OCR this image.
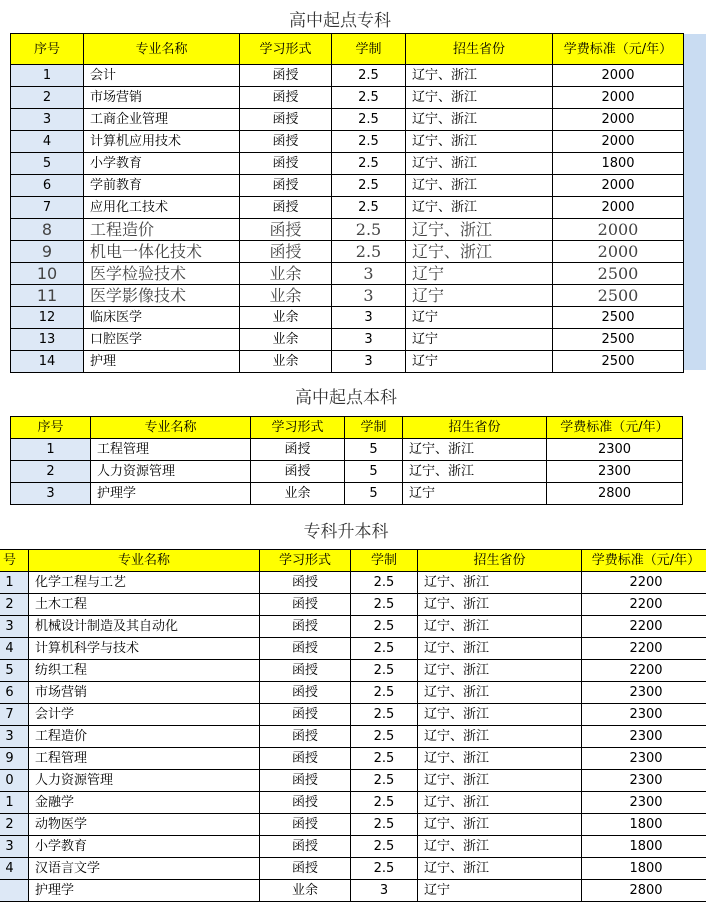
高中起点专科
序号	专业名称	学习形式	学制	招生省份	学费标准（元/年）
1	会计	函授	2.5	辽宁、浙江	2000
2	市场营销	函授	2.5	辽宁、浙江	2000
3	工商企业管理	函授	2.5	辽宁、浙江	2000
4	计算机应用技术	函授	2.5	辽宁、浙江	2000
5	小学教育	函授	2.5	辽宁、浙江	1800
6	学前教育	函授	2.5	辽宁、浙江	2000
7	应用化工技术	函授	2.5	辽宁、浙江	2000
8	工程造价	函授	2.5	辽宁、浙江	2000
9	机电一体化技术	函授	2.5	辽宁、浙江	2000
10	医学检验技术	业余	3	辽宁	2500
11	医学影像技术	业余	3	辽宁	2500
12	临床医学	业余	3	辽宁	2500
13	口腔医学	业余	3	辽宁	2500
14	护理	业余	3	辽宁	2500
高中起点本科
序号	专业名称	学习形式	学制	招生省份	学费标准（元/年）
1	工程管理	函授	5	辽宁、浙江	2300
2	人力资源管理	函授	5	辽宁、浙江	2300
3	护理学	业余	5	辽宁	2800
专科升本科
号	专业名称	学习形式	学制	招生省份	学费标准（元/年）
1	化学工程与工艺	函授	2.5	辽宁、浙江	2200
2	土木工程	函授	2.5	辽宁、浙江	2200
3	机械设计制造及其自动化	函授	2.5	辽宁、浙江	2200
4	计算机科学与技术	函授	2.5	辽宁、浙江	2200
5	纺织工程	函授	2.5	辽宁、浙江	2200
6	市场营销	函授	2.5	辽宁、浙江	2300
7	会计学	函授	2.5	辽宁、浙江	2300
3	工程造价	函授	2.5	辽宁、浙江	2300
9	工程管理	函授	2.5	辽宁、浙江	2300
0	人力资源管理	函授	2.5	辽宁、浙江	2300
1	金融学	函授	2.5	辽宁、浙江	2300
2	动物医学	函授	2.5	辽宁、浙江	1800
3	小学教育	函授	2.5	辽宁、浙江	1800
4	汉语言文学	函授	2.5	辽宁、浙江	1800
	护理学	业余	3	辽宁	2800
